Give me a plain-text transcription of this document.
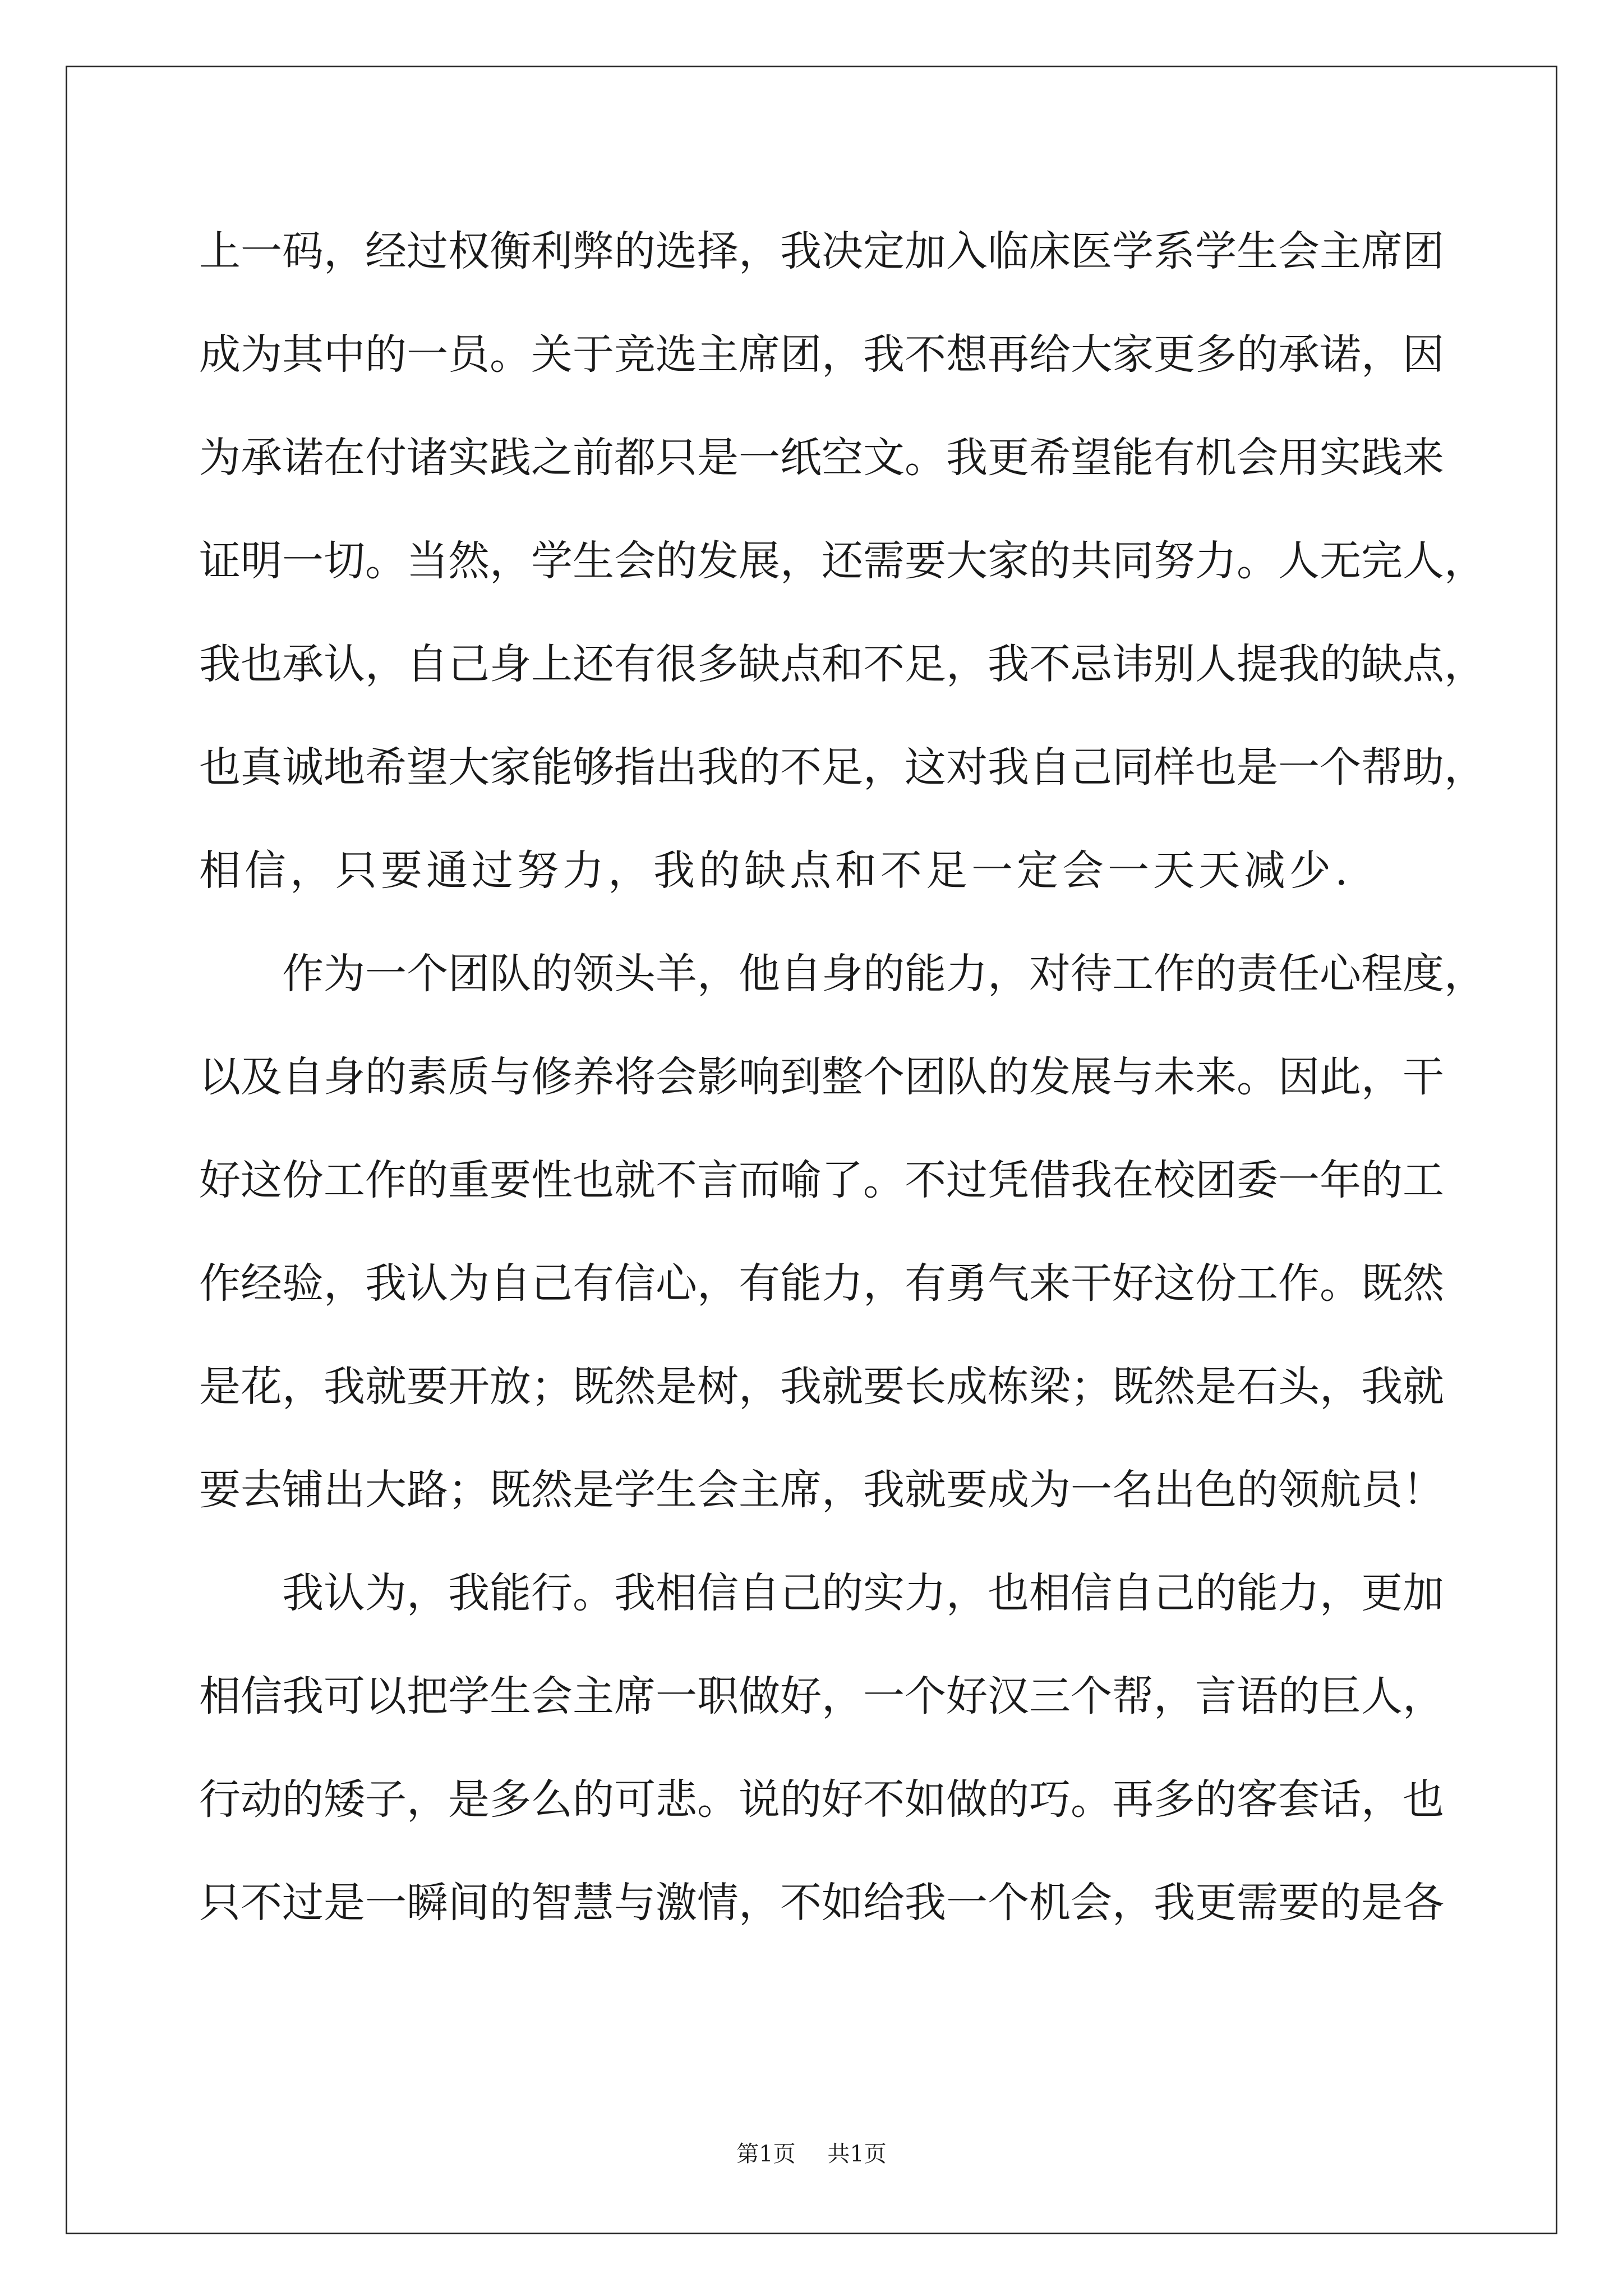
上一码，经过权衡利弊的选择，我决定加入临床医学系学生会主席团
成为其中的一员。关于竞选主席团，我不想再给大家更多的承诺，因
为承诺在付诸实践之前都只是一纸空文。我更希望能有机会用实践来
证明一切。当然，学生会的发展，还需要大家的共同努力。人无完人，
我也承认，自己身上还有很多缺点和不足，我不忌讳别人提我的缺点，
也真诚地希望大家能够指出我的不足，这对我自己同样也是一个帮助，
相信，只要通过努力，我的缺点和不足一定会一天天减少.
作为一个团队的领头羊，他自身的能力，对待工作的责任心程度，
以及自身的素质与修养将会影响到整个团队的发展与未来。因此，干
好这份工作的重要性也就不言而喻了。不过凭借我在校团委一年的工
作经验，我认为自己有信心，有能力，有勇气来干好这份工作。既然
是花，我就要开放；既然是树，我就要长成栋梁；既然是石头，我就
要去铺出大路；既然是学生会主席，我就要成为一名出色的领航员！
我认为，我能行。我相信自己的实力，也相信自己的能力，更加
相信我可以把学生会主席一职做好，一个好汉三个帮，言语的巨人，
行动的矮子，是多么的可悲。说的好不如做的巧。再多的客套话，也
只不过是一瞬间的智慧与激情，不如给我一个机会，我更需要的是各
第1页 共1页
